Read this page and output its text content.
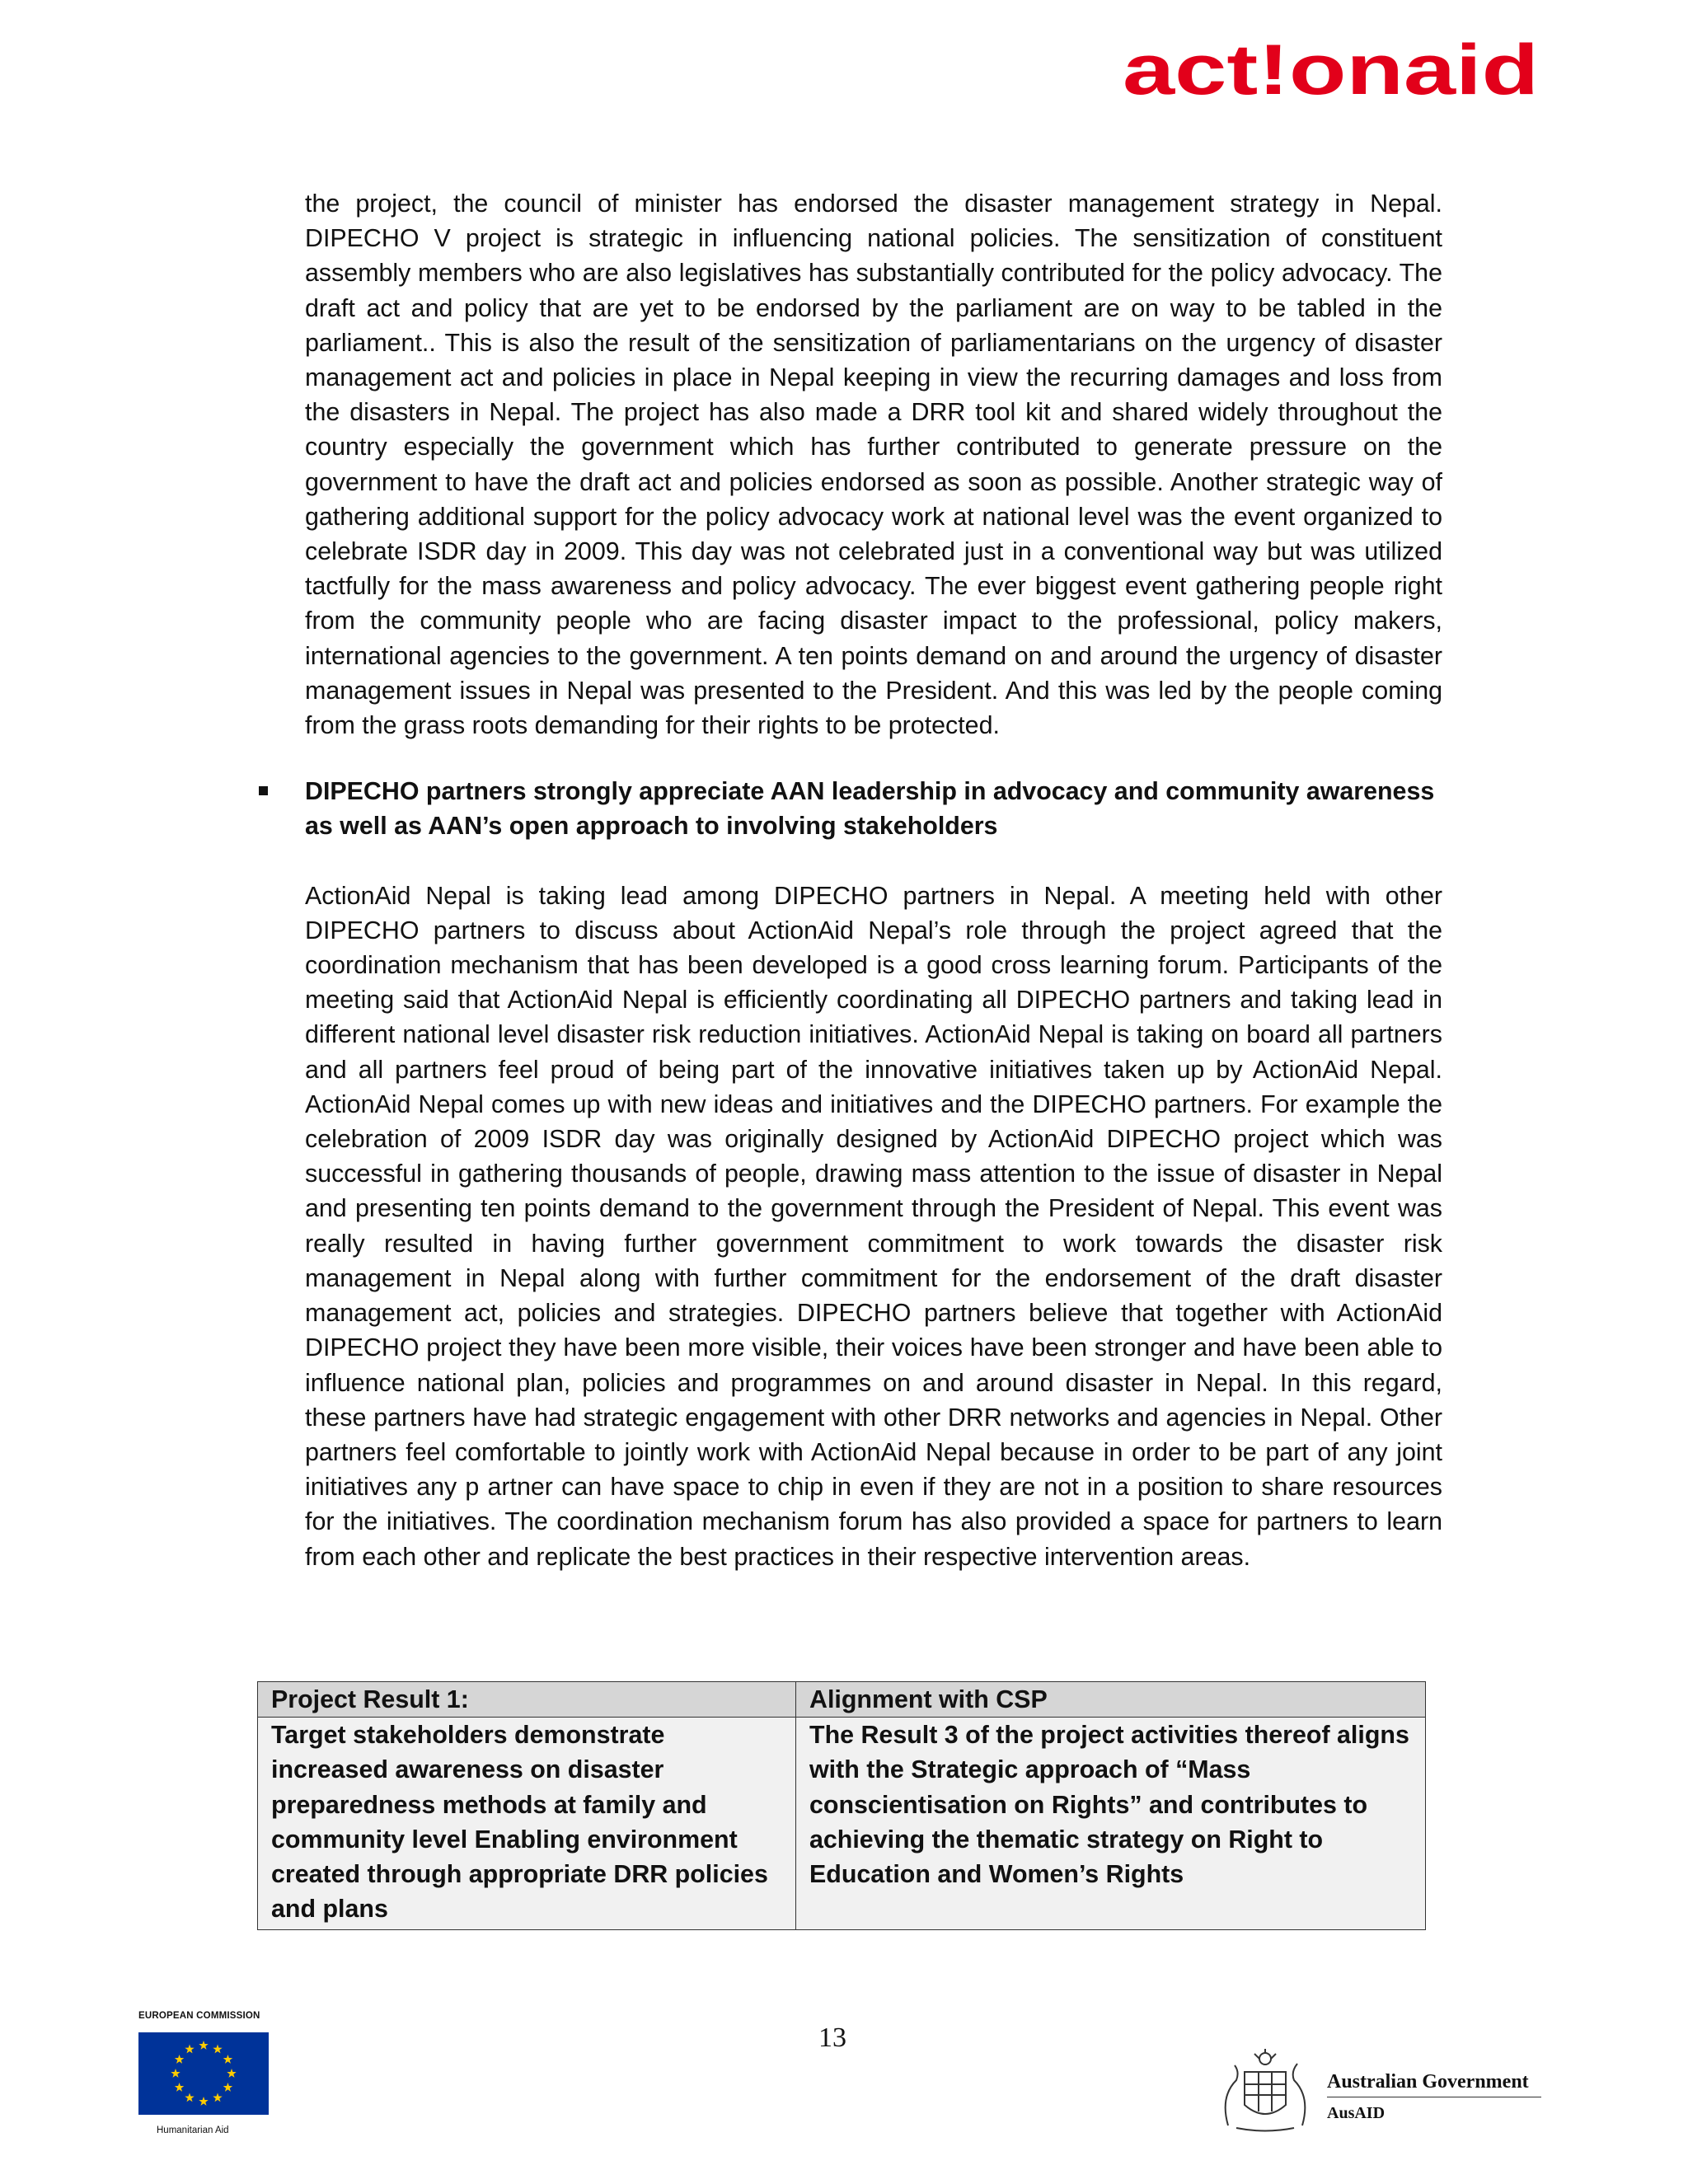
act!onaid

the project, the council of minister has endorsed the disaster management strategy in Nepal. DIPECHO V project is strategic in influencing national policies. The sensitization of constituent assembly members who are also legislatives has substantially contributed for the policy advocacy. The draft act and policy that are yet to be endorsed by the parliament are on way to be tabled in the parliament.. This is also the result of the sensitization of parliamentarians on the urgency of disaster management act and policies in place in Nepal keeping in view the recurring damages and loss from the disasters in Nepal. The project has also made a DRR tool kit and shared widely throughout the country especially the government which has further contributed to generate pressure on the government to have the draft act and policies endorsed as soon as possible. Another strategic way of gathering additional support for the policy advocacy work at national level was the event organized to celebrate ISDR day in 2009. This day was not celebrated just in a conventional way but was utilized tactfully for the mass awareness and policy advocacy. The ever biggest event gathering people right from the community people who are facing disaster impact to the professional, policy makers, international agencies to the government. A ten points demand on and around the urgency of disaster management issues in Nepal was presented to the President. And this was led by the people coming from the grass roots demanding for their rights to be protected.

DIPECHO partners strongly appreciate AAN leadership in advocacy and community awareness as well as AAN’s open approach to involving stakeholders

ActionAid Nepal is taking lead among DIPECHO partners in Nepal. A meeting held with other DIPECHO partners to discuss about ActionAid Nepal’s role through the project agreed that the coordination mechanism that has been developed is a good cross learning forum. Participants of the meeting said that ActionAid Nepal is efficiently coordinating all DIPECHO partners and taking lead in different national level disaster risk reduction initiatives. ActionAid Nepal is taking on board all partners and all partners feel proud of being part of the innovative initiatives taken up by ActionAid Nepal. ActionAid Nepal comes up with new ideas and initiatives and the DIPECHO partners. For example the celebration of 2009 ISDR day was originally designed by ActionAid DIPECHO project which was successful in gathering thousands of people, drawing mass attention to the issue of disaster in Nepal and presenting ten points demand to the government through the President of Nepal. This event was really resulted in having further government commitment to work towards the disaster risk management in Nepal along with further commitment for the endorsement of the draft disaster management act, policies and strategies. DIPECHO partners believe that together with ActionAid DIPECHO project they have been more visible, their voices have been stronger and have been able to influence national plan, policies and programmes on and around disaster in Nepal. In this regard, these partners have had strategic engagement with other DRR networks and agencies in Nepal. Other partners feel comfortable to jointly work with ActionAid Nepal because in order to be part of any joint initiatives any p artner can have space to chip in even if they are not in a position to share resources for the initiatives. The coordination mechanism forum has also provided a space for partners to learn from each other and replicate the best practices in their respective intervention areas.

Project Result 1:	Alignment with CSP
Target stakeholders demonstrate increased awareness on disaster preparedness methods at family and community level Enabling environment created through appropriate DRR policies and plans	The Result 3 of the project activities thereof aligns with the Strategic approach of “Mass conscientisation on Rights” and contributes to achieving the thematic strategy on Right to Education and Women’s Rights
13
EUROPEAN COMMISSION
Humanitarian Aid
Australian Government
AusAID
